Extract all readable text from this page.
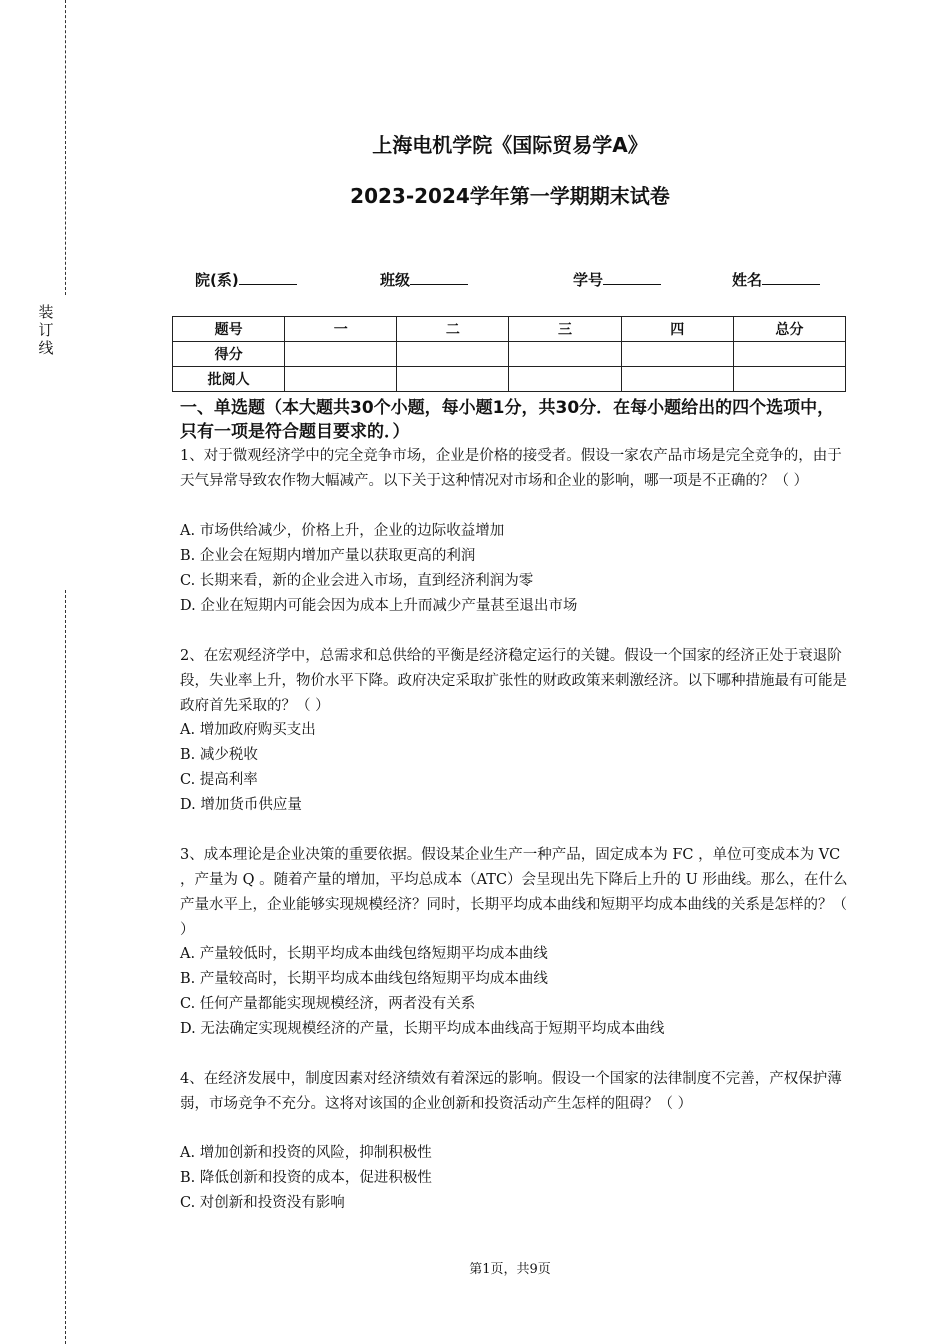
装
订
线
上海电机学院《国际贸易学A》
2023-2024学年第一学期期末试卷
院(系)	班级	学号	姓名
题号	一	二	三	四	总分
得分					
批阅人					
一、单选题（本大题共30个小题，每小题1分，共30分．在每小题给出的四个选项中，只有一项是符合题目要求的．）
1、对于微观经济学中的完全竞争市场，企业是价格的接受者。假设一家农产品市场是完全竞争的，由于天气异常导致农作物大幅减产。以下关于这种情况对市场和企业的影响，哪一项是不正确的？（ ）
A. 市场供给减少，价格上升，企业的边际收益增加
B. 企业会在短期内增加产量以获取更高的利润
C. 长期来看，新的企业会进入市场，直到经济利润为零
D. 企业在短期内可能会因为成本上升而减少产量甚至退出市场
2、在宏观经济学中，总需求和总供给的平衡是经济稳定运行的关键。假设一个国家的经济正处于衰退阶段，失业率上升，物价水平下降。政府决定采取扩张性的财政政策来刺激经济。以下哪种措施最有可能是政府首先采取的？（ ）
A. 增加政府购买支出
B. 减少税收
C. 提高利率
D. 增加货币供应量
3、成本理论是企业决策的重要依据。假设某企业生产一种产品，固定成本为 FC ，单位可变成本为 VC ，产量为 Q 。随着产量的增加，平均总成本（ATC）会呈现出先下降后上升的 U 形曲线。那么，在什么产量水平上，企业能够实现规模经济？同时，长期平均成本曲线和短期平均成本曲线的关系是怎样的？（ ）
A. 产量较低时，长期平均成本曲线包络短期平均成本曲线
B. 产量较高时，长期平均成本曲线包络短期平均成本曲线
C. 任何产量都能实现规模经济，两者没有关系
D. 无法确定实现规模经济的产量，长期平均成本曲线高于短期平均成本曲线
4、在经济发展中，制度因素对经济绩效有着深远的影响。假设一个国家的法律制度不完善，产权保护薄弱，市场竞争不充分。这将对该国的企业创新和投资活动产生怎样的阻碍？（ ）
A. 增加创新和投资的风险，抑制积极性
B. 降低创新和投资的成本，促进积极性
C. 对创新和投资没有影响
第1页，共9页
